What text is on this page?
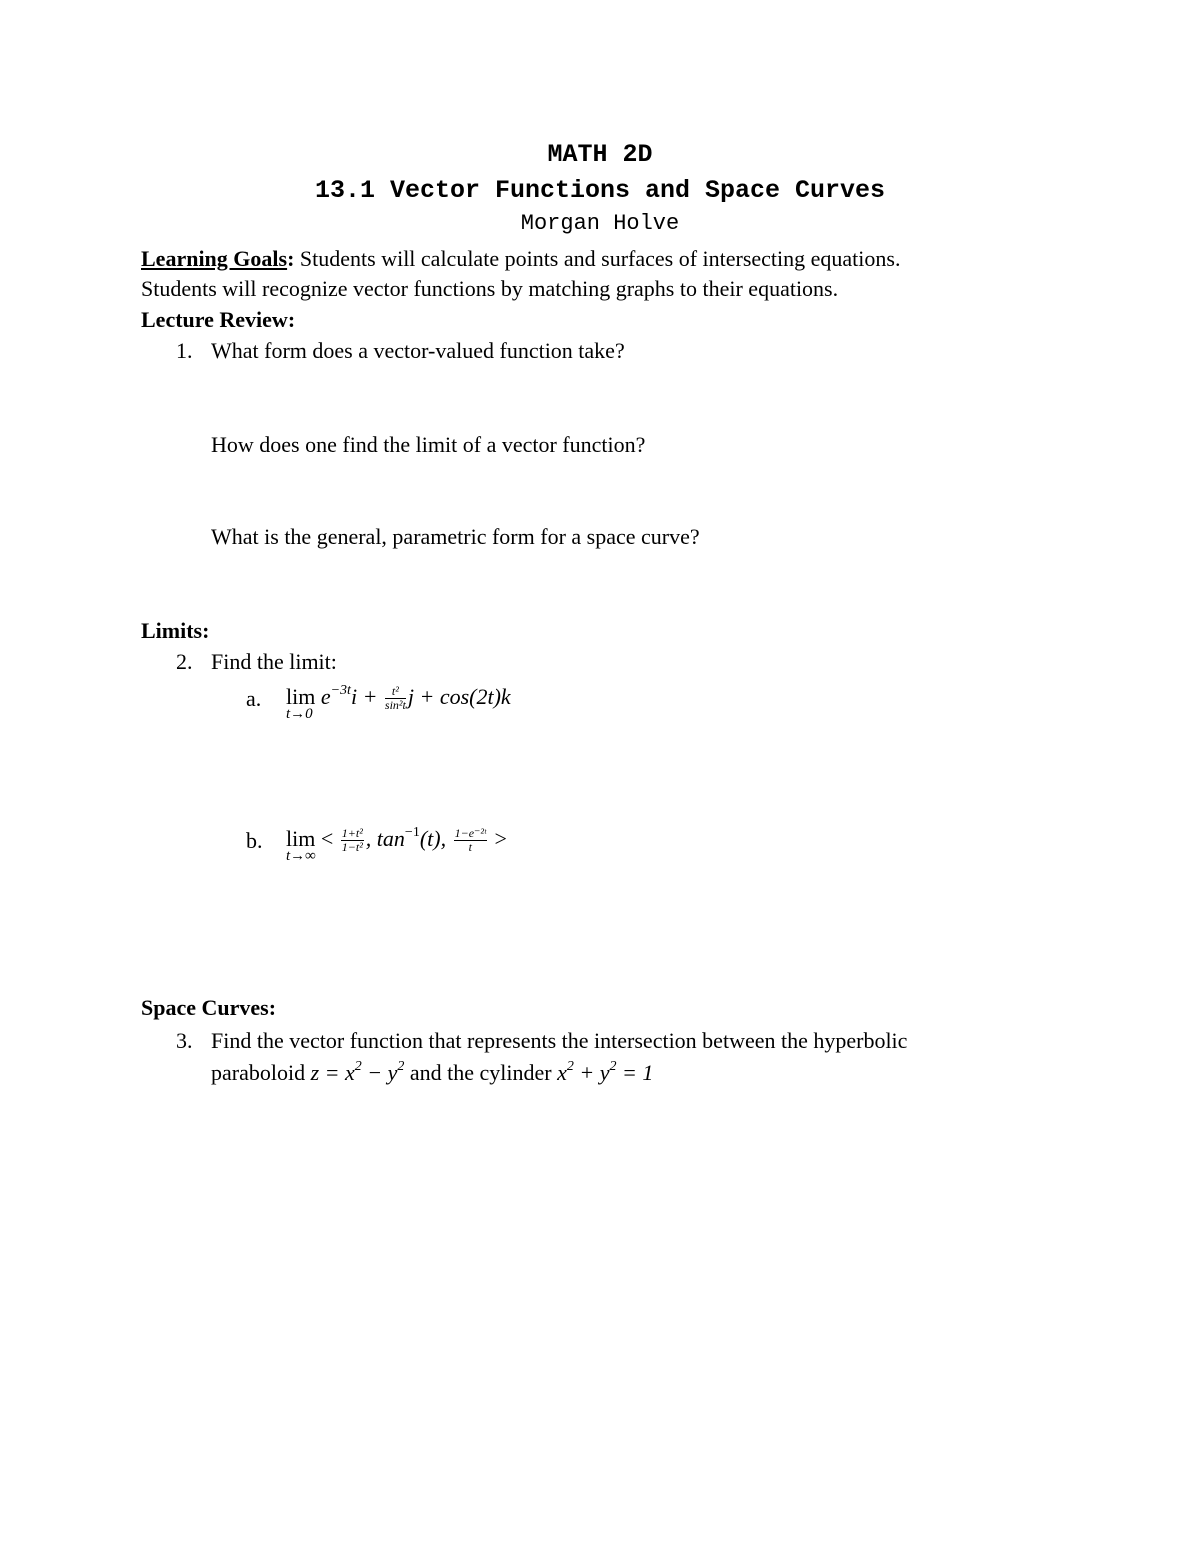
MATH 2D
13.1 Vector Functions and Space Curves
Morgan Holve
Learning Goals: Students will calculate points and surfaces of intersecting equations.
Students will recognize vector functions by matching graphs to their equations.
Lecture Review:
1. What form does a vector-valued function take?
How does one find the limit of a vector function?
What is the general, parametric form for a space curve?
Limits:
2. Find the limit:
a. lim
t→0
$e^{-3t}i + \frac{\text{t²}}{\text{sin²t}}$ j + cos(2t)k
b. lim
t→∞
< $\frac{\text{1+t²}}{\text{1−t²}}$ , $\tan^{-1}(t)$, $\frac{\text{1−e⁻²ᵗ}}{t}$ >
Space Curves:
3. Find the vector function that represents the intersection between the hyperbolic
paraboloid $z = x^2 - y^2$ and the cylinder $x^2 + y^2 = 1$
